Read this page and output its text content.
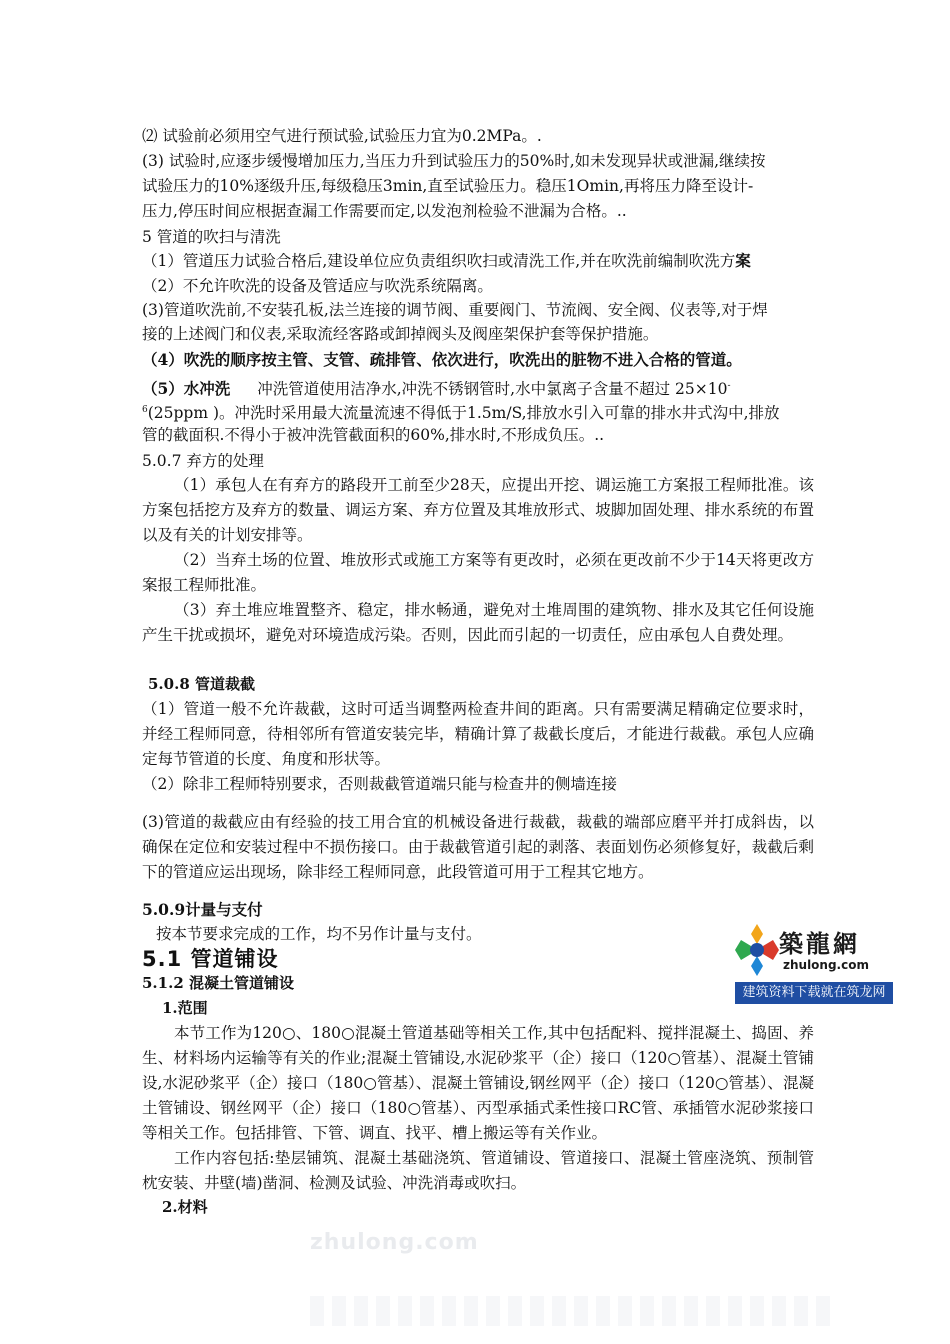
⑵ 试验前必须用空气进行预试验,试验压力宜为0.2MPa。.
(3) 试验时,应逐步缓慢增加压力,当压力升到试验压力的50%时,如未发现异状或泄漏,继续按
试验压力的10%逐级升压,每级稳压3min,直至试验压力。稳压1Omin,再将压力降至设计-
压力,停压时间应根据查漏工作需要而定,以发泡剂检验不泄漏为合格。..
5 管道的吹扫与清洗
（1）管道压力试验合格后,建设单位应负责组织吹扫或清洗工作,并在吹洗前编制吹洗方案
（2）不允许吹洗的设备及管适应与吹洗系统隔离。
(3)管道吹洗前,不安装孔板,法兰连接的调节阀、重要阀门、节流阀、安全阀、仪表等,对于焊
接的上述阀门和仪表,采取流经客路或卸掉阀头及阀座架保护套等保护措施。
（4）吹洗的顺序按主管、支管、疏排管、依次进行，吹洗出的脏物不进入合格的管道。
（5）水冲洗 冲洗管道使用洁净水,冲洗不锈钢管时,水中氯离子含量不超过 25×10-
$^6$(25ppm )。冲洗时采用最大流量流速不得低于1.5m/S,排放水引入可靠的排水井式沟中,排放
管的截面积.不得小于被冲洗管截面积的60%,排水时,不形成负压。..
5.0.7 弃方的处理
（1）承包人在有弃方的路段开工前至少28天，应提出开挖、调运施工方案报工程师批准。该方案包括挖方及弃方的数量、调运方案、弃方位置及其堆放形式、坡脚加固处理、排水系统的布置以及有关的计划安排等。
（2）当弃土场的位置、堆放形式或施工方案等有更改时，必须在更改前不少于14天将更改方案报工程师批准。
（3）弃土堆应堆置整齐、稳定，排水畅通，避免对土堆周围的建筑物、排水及其它任何设施产生干扰或损坏，避免对环境造成污染。否则，因此而引起的一切责任，应由承包人自费处理。
5.0.8 管道裁截
（1）管道一般不允许裁截，这时可适当调整两检查井间的距离。只有需要满足精确定位要求时，并经工程师同意，待相邻所有管道安装完毕，精确计算了裁截长度后，才能进行裁截。承包人应确定每节管道的长度、角度和形状等。
（2）除非工程师特别要求，否则裁截管道端只能与检查井的侧墙连接
(3)管道的裁截应由有经验的技工用合宜的机械设备进行裁截，裁截的端部应磨平并打成斜齿，以确保在定位和安装过程中不损伤接口。由于裁截管道引起的剥落、表面划伤必须修复好，裁截后剩下的管道应运出现场，除非经工程师同意，此段管道可用于工程其它地方。
5.0.9计量与支付
按本节要求完成的工作，均不另作计量与支付。
5.1 管道铺设
5.1.2 混凝土管道铺设
1.范围
本节工作为120○、180○混凝土管道基础等相关工作,其中包括配料、搅拌混凝土、捣固、养生、材料场内运输等有关的作业;混凝土管铺设,水泥砂浆平（企）接口（120○管基）、混凝土管铺设,水泥砂浆平（企）接口（180○管基）、混凝土管铺设,钢丝网平（企）接口（120○管基）、混凝土管铺设、钢丝网平（企）接口（180○管基）、丙型承插式柔性接口RC管、承插管水泥砂浆接口等相关工作。包括排管、下管、调直、找平、槽上搬运等有关作业。
工作内容包括:垫层铺筑、混凝土基础浇筑、管道铺设、管道接口、混凝土管座浇筑、预制管枕安装、井壁(墙)凿洞、检测及试验、冲洗消毒或吹扫。
2.材料
築龍網
zhulong.com
建筑资料下载就在筑龙网
zhulong.com
